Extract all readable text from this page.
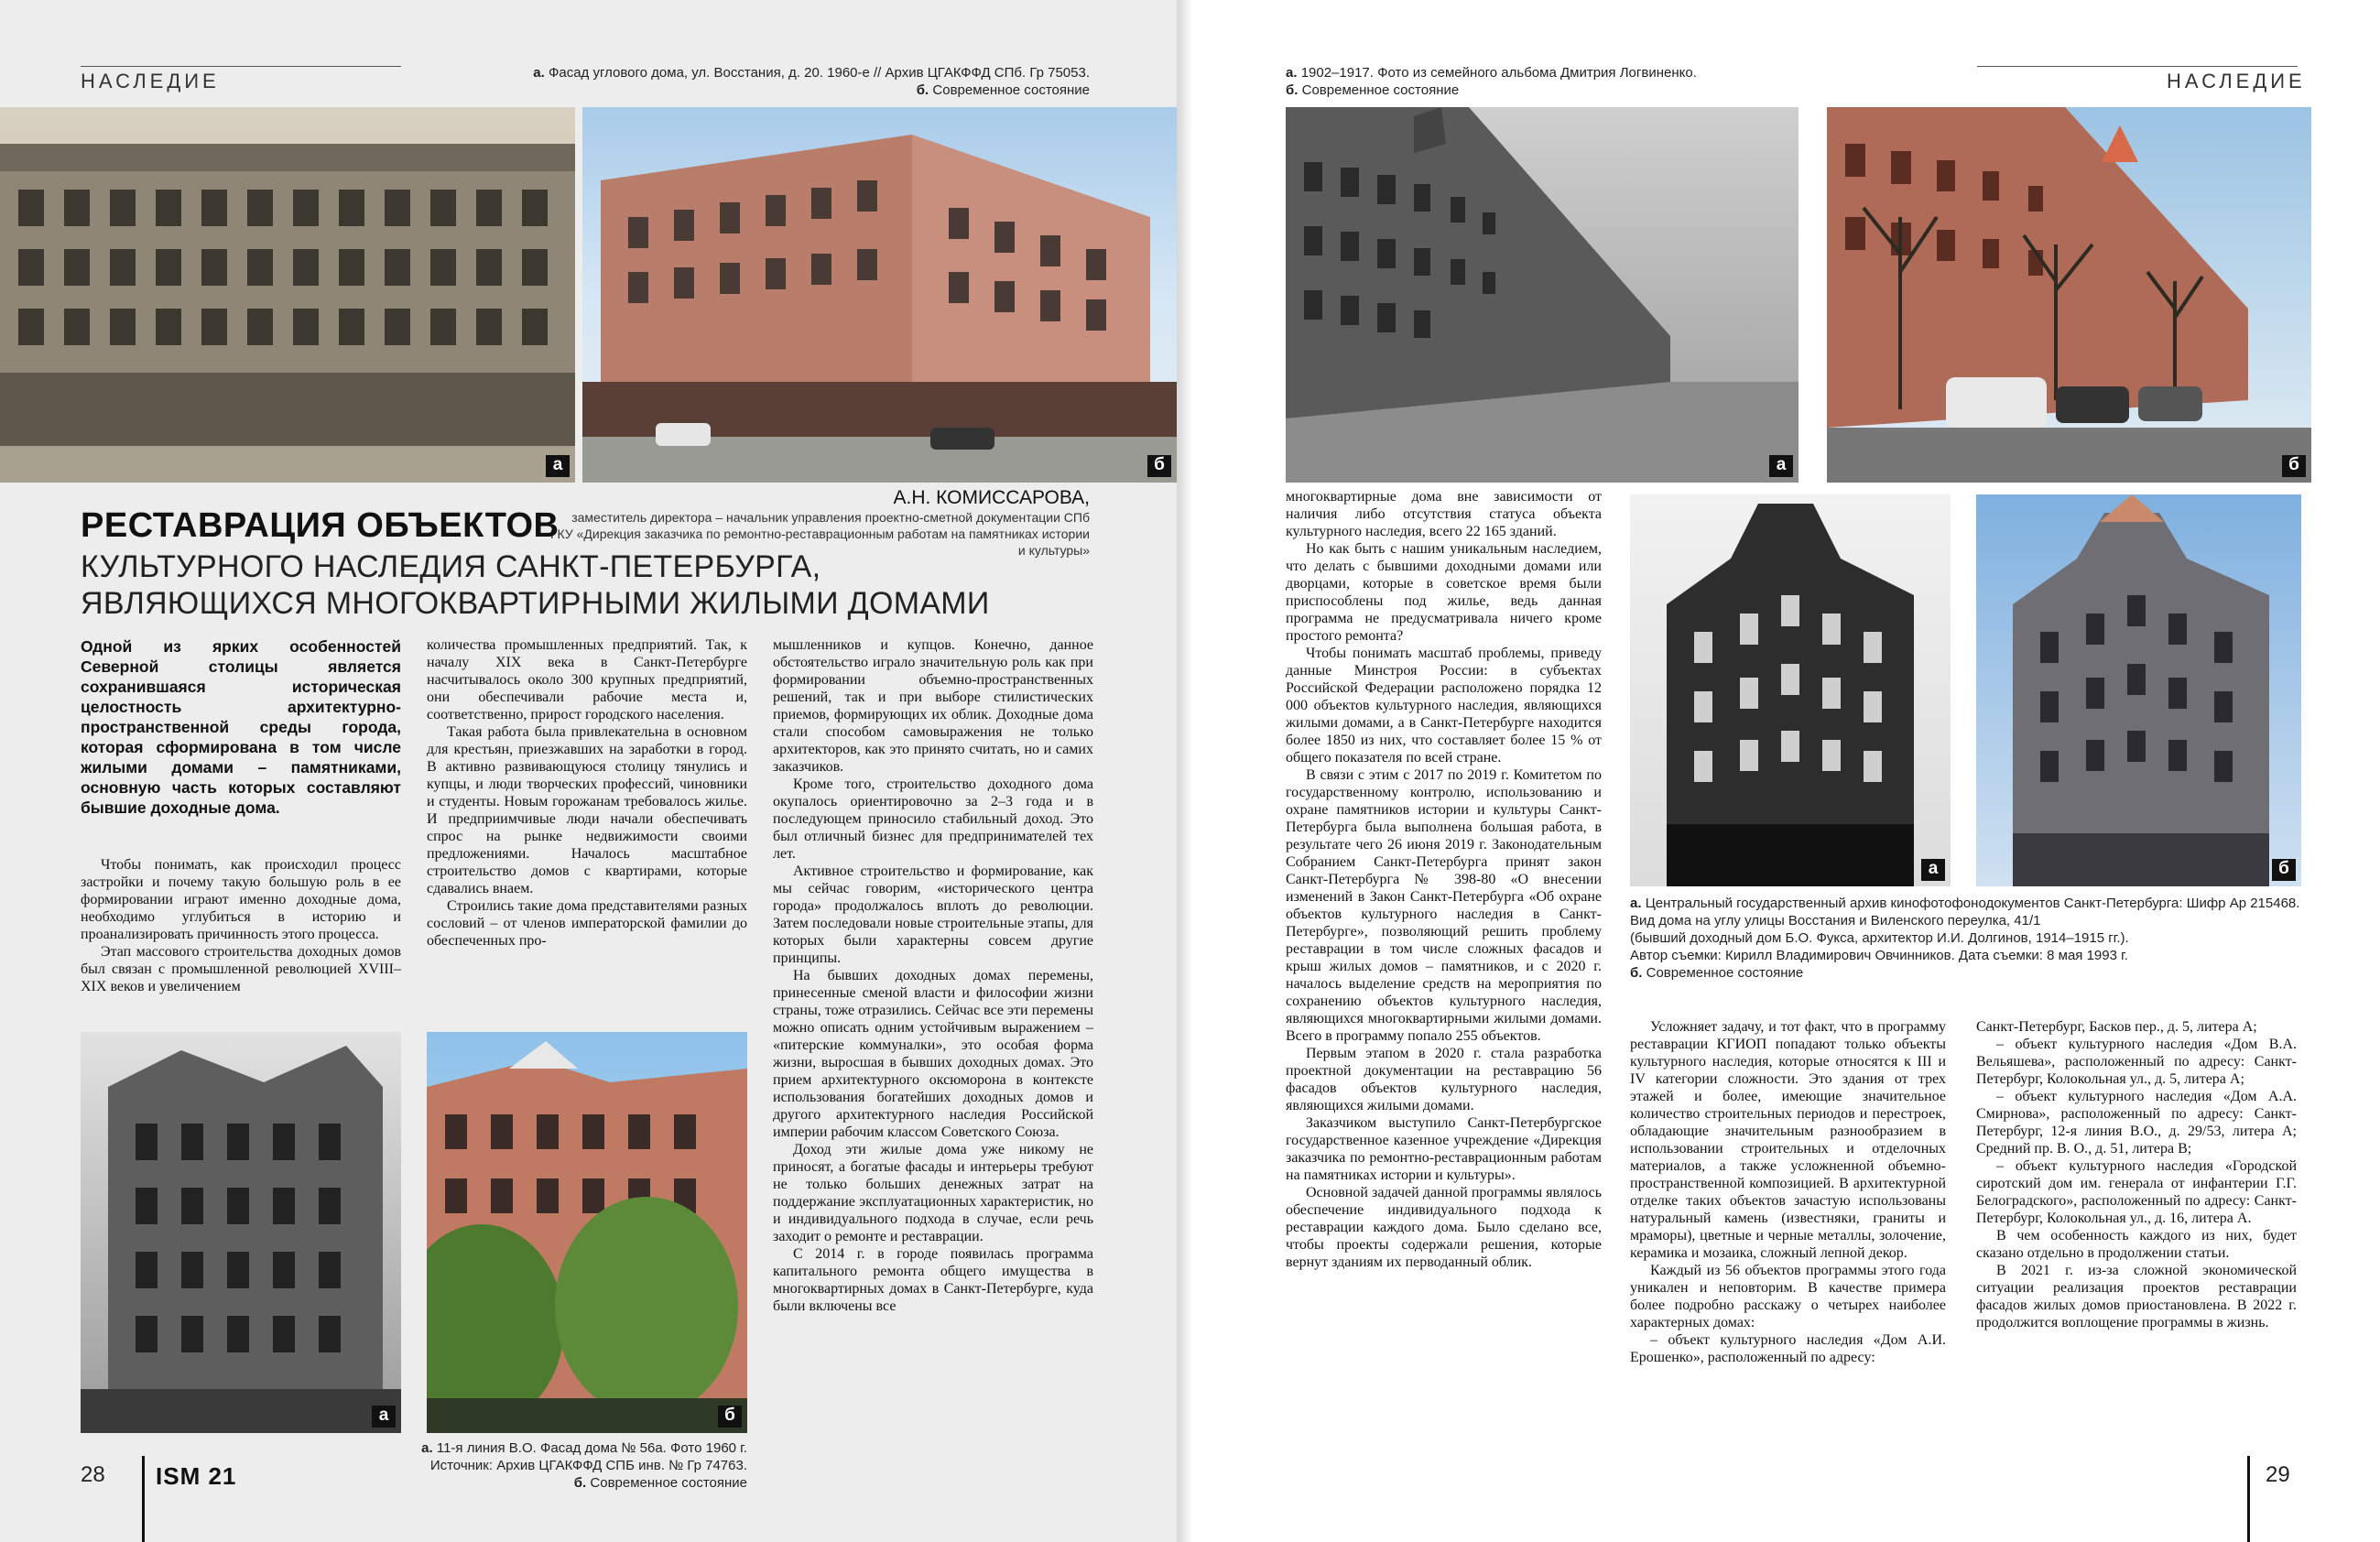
НАСЛЕДИЕ	а. Фасад углового дома, ул. Восстания, д. 20. 1960-е // Архив ЦГАКФФД СПб. Гр 75053.
б. Современное состояние
а	б
А.Н. КОМИССАРОВА,
заместитель директора – начальник управления проектно-сметной документации СПб ГКУ «Дирекция заказчика по ремонтно-реставрационным работам на памятниках истории и культуры»
РЕСТАВРАЦИЯ ОБЪЕКТОВ
КУЛЬТУРНОГО НАСЛЕДИЯ САНКТ-ПЕТЕРБУРГА,
ЯВЛЯЮЩИХСЯ МНОГОКВАРТИРНЫМИ ЖИЛЫМИ ДОМАМИ
Одной из ярких особенностей Северной столицы является сохранившаяся историческая целостность архитектурно-пространственной среды города, которая сформирована в том числе жилыми домами – памятниками, основную часть которых составляют бывшие доходные дома.

Чтобы понимать, как происходил процесс застройки и почему такую большую роль в ее формировании играют именно доходные дома, необходимо углубиться в историю и проанализировать причинность этого процесса.

Этап массового строительства доходных домов был связан с промышленной революцией XVIII–XIX веков и увеличением

количества промышленных предприятий. Так, к началу XIX века в Санкт-Петербурге насчитывалось около 300 крупных предприятий, они обеспечивали рабочие места и, соответственно, прирост городского населения.

Такая работа была привлекательна в основном для крестьян, приезжавших на заработки в город. В активно развивающуюся столицу тянулись и купцы, и люди творческих профессий, чиновники и студенты. Новым горожанам требовалось жилье. И предприимчивые люди начали обеспечивать спрос на рынке недвижимости своими предложениями. Началось масштабное строительство домов с квартирами, которые сдавались внаем.

Строились такие дома представителями разных сословий – от членов императорской фамилии до обеспеченных про-

мышленников и купцов. Конечно, данное обстоятельство играло значительную роль как при формировании объемно-пространственных решений, так и при выборе стилистических приемов, формирующих их облик. Доходные дома стали способом самовыражения не только архитекторов, как это принято считать, но и самих заказчиков.

Кроме того, строительство доходного дома окупалось ориентировочно за 2–3 года и в последующем приносило стабильный доход. Это был отличный бизнес для предпринимателей тех лет.

Активное строительство и формирование, как мы сейчас говорим, «исторического центра города» продолжалось вплоть до революции. Затем последовали новые строительные этапы, для которых были характерны совсем другие принципы.

На бывших доходных домах перемены, принесенные сменой власти и философии жизни страны, тоже отразились. Сейчас все эти перемены можно описать одним устойчивым выражением – «питерские коммуналки», это особая форма жизни, выросшая в бывших доходных домах. Это прием архитектурного оксюморона в контексте использования богатейших доходных домов и другого архитектурного наследия Российской империи рабочим классом Советского Союза.

Доход эти жилые дома уже никому не приносят, а богатые фасады и интерьеры требуют не только больших денежных затрат на поддержание эксплуатационных характеристик, но и индивидуального подхода в случае, если речь заходит о ремонте и реставрации.

С 2014 г. в городе появилась программа капитального ремонта общего имущества в многоквартирных домах в Санкт-Петербурге, куда были включены все

а	б
а. 11-я линия В.О. Фасад дома № 56а. Фото 1960 г.
Источник: Архив ЦГАКФФД СПБ инв. № Гр 74763.
б. Современное состояние
28 ISM 21
а. 1902–1917. Фото из семейного альбома Дмитрия Логвиненко.
б. Современное состояние	НАСЛЕДИЕ
а	б

многоквартирные дома вне зависимости от наличия либо отсутствия статуса объекта культурного наследия, всего 22 165 зданий.

Но как быть с нашим уникальным наследием, что делать с бывшими доходными домами или дворцами, которые в советское время были приспособлены под жилье, ведь данная программа не предусматривала ничего кроме простого ремонта?

Чтобы понимать масштаб проблемы, приведу данные Минстроя России: в субъектах Российской Федерации расположено порядка 12 000 объектов культурного наследия, являющихся жилыми домами, а в Санкт-Петербурге находится более 1850 из них, что составляет более 15 % от общего показателя по всей стране.

В связи с этим с 2017 по 2019 г. Комитетом по государственному контролю, использованию и охране памятников истории и культуры Санкт-Петербурга была выполнена большая работа, в результате чего 26 июня 2019 г. Законодательным Собранием Санкт-Петербурга принят закон Санкт-Петербурга № 398-80 «О внесении изменений в Закон Санкт-Петербурга «Об охране объектов культурного наследия в Санкт-Петербурге», позволяющий решить проблему реставрации в том числе сложных фасадов и крыш жилых домов – памятников, и с 2020 г. началось выделение средств на мероприятия по сохранению объектов культурного наследия, являющихся многоквартирными жилыми домами. Всего в программу попало 255 объектов.

Первым этапом в 2020 г. стала разработка проектной документации на реставрацию 56 фасадов объектов культурного наследия, являющихся жилыми домами.

Заказчиком выступило Санкт-Петербургское государственное казенное учреждение «Дирекция заказчика по ремонтно-реставрационным работам на памятниках истории и культуры».

Основной задачей данной программы являлось обеспечение индивидуального подхода к реставрации каждого дома. Было сделано все, чтобы проекты содержали решения, которые вернут зданиям их перводанный облик.

а	б
а. Центральный государственный архив кинофотофонодокументов Санкт-Петербурга: Шифр Ар 215468. Вид дома на углу улицы Восстания и Виленского переулка, 41/1
(бывший доходный дом Б.О. Фукса, архитектор И.И. Долгинов, 1914–1915 гг.).
Автор съемки: Кирилл Владимирович Овчинников. Дата съемки: 8 мая 1993 г.
б. Современное состояние

Усложняет задачу, и тот факт, что в программу реставрации КГИОП попадают только объекты культурного наследия, которые относятся к III и IV категории сложности. Это здания от трех этажей и более, имеющие значительное количество строительных периодов и перестроек, обладающие значительным разнообразием в использовании строительных и отделочных материалов, а также усложненной объемно-пространственной композицией. В архитектурной отделке таких объектов зачастую использованы натуральный камень (известняки, граниты и мраморы), цветные и черные металлы, золочение, керамика и мозаика, сложный лепной декор.

Каждый из 56 объектов программы этого года уникален и неповторим. В качестве примера более подробно расскажу о четырех наиболее характерных домах:

– объект культурного наследия «Дом А.И. Ерошенко», расположенный по адресу:

Санкт-Петербург, Басков пер., д. 5, литера А;

– объект культурного наследия «Дом В.А. Вельяшева», расположенный по адресу: Санкт-Петербург, Колокольная ул., д. 5, литера А;

– объект культурного наследия «Дом А.А. Смирнова», расположенный по адресу: Санкт-Петербург, 12-я линия В.О., д. 29/53, литера А; Средний пр. В. О., д. 51, литера В;

– объект культурного наследия «Городской сиротский дом им. генерала от инфантерии Г.Г. Белоградского», расположенный по адресу: Санкт-Петербург, Колокольная ул., д. 16, литера А.

В чем особенность каждого из них, будет сказано отдельно в продолжении статьи.

В 2021 г. из-за сложной экономической ситуации реализация проектов реставрации фасадов жилых домов приостановлена. В 2022 г. продолжится воплощение программы в жизнь.

29
